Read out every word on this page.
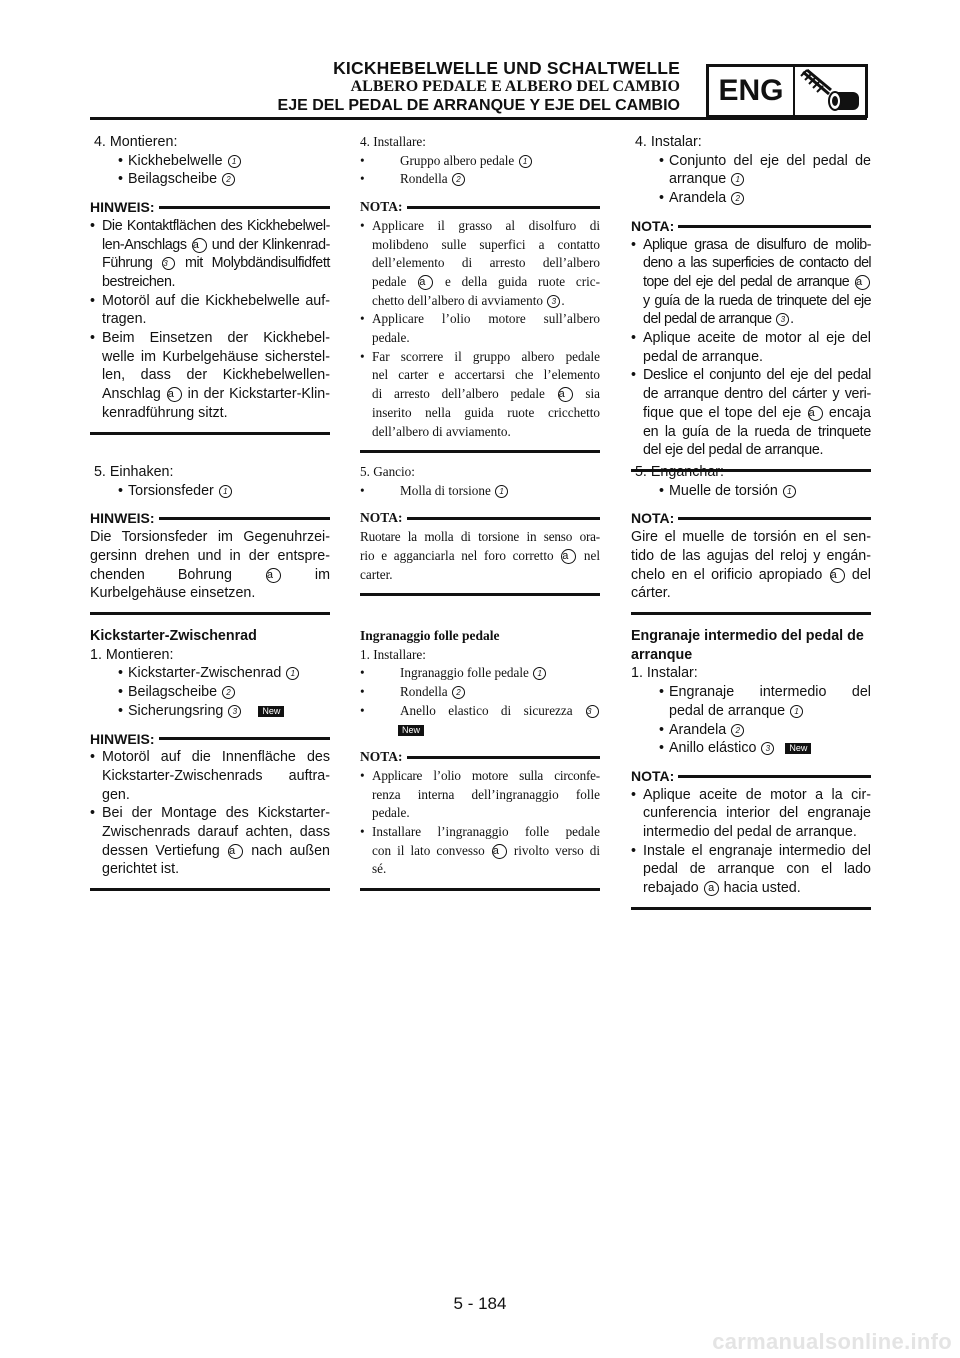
KICKHEBELWELLE UND SCHALTWELLE
ALBERO PEDALE E ALBERO DEL CAMBIO
EJE DEL PEDAL DE ARRANQUE Y EJE DEL CAMBIO	ENG
4. Montieren:
• Kickhebelwelle 1
• Beilagscheibe 2
HINWEIS:
• Die Kontaktflächen des Kickhebelwel-
len-Anschlags a und der Klinkenrad-
Führung 3 mit Molybdändisulfidfett
bestreichen.
• Motoröl auf die Kickhebelwelle auf-
tragen.
• Beim Einsetzen der Kickhebel-
welle im Kurbelgehäuse sicherstel-
len, dass der Kickhebelwellen-
Anschlag a in der Kickstarter-Klin-
kenradführung sitzt.
5. Einhaken:
• Torsionsfeder 1
HINWEIS:
Die Torsionsfeder im Gegenuhrzei-
gersinn drehen und in der entspre-
chenden Bohrung	a	im
Kurbelgehäuse einsetzen.
Kickstarter-Zwischenrad
1. Montieren:
• Kickstarter-Zwischenrad 1
• Beilagscheibe 2
• Sicherungsring 3	New
HINWEIS:
• Motoröl auf die Innenfläche des
Kickstarter-Zwischenrads auftra-
gen.
• Bei der Montage des Kickstarter-
Zwischenrads darauf achten, dass
dessen Vertiefung a nach außen
gerichtet ist.
4. Installare:
• Gruppo albero pedale 1
• Rondella 2
NOTA:
• Applicare il grasso al disolfuro di
molibdeno sulle superfici a contatto
dell’elemento di arresto dell’albero
pedale a e della guida ruote cric-
chetto dell’albero di avviamento 3 .
• Applicare l’olio motore sull’albero
pedale.
• Far scorrere il gruppo albero pedale
nel carter e accertarsi che l’elemento
di arresto dell’albero pedale a sia
inserito nella guida ruote cricchetto
dell’albero di avviamento.
5. Gancio:
• Molla di torsione 1
NOTA:
Ruotare la molla di torsione in senso ora-
rio e agganciarla nel foro corretto a nel
carter.
Ingranaggio folle pedale
1. Installare:
• Ingranaggio folle pedale 1
• Rondella 2
• Anello elastico di sicurezza 3
New
NOTA:
• Applicare l’olio motore sulla circonfe-
renza interna dell’ingranaggio folle
pedale.
• Installare l’ingranaggio folle pedale
con il lato convesso a rivolto verso di
sé.
4. Instalar:
• Conjunto del eje del pedal de
arranque 1
• Arandela 2
NOTA:
• Aplique grasa de disulfuro de molib-
deno a las superficies de contacto del
tope del eje del pedal de arranque a
y guía de la rueda de trinquete del eje
del pedal de arranque 3 .
• Aplique aceite de motor al eje del
pedal de arranque.
• Deslice el conjunto del eje del pedal
de arranque dentro del cárter y veri-
fique que el tope del eje a encaja
en la guía de la rueda de trinquete
del eje del pedal de arranque.
5. Enganchar:
• Muelle de torsión 1
NOTA:
Gire el muelle de torsión en el sen-
tido de las agujas del reloj y engán-
chelo en el orificio apropiado a del
cárter.
Engranaje intermedio del pedal de
arranque
1. Instalar:
• Engranaje intermedio del
pedal de arranque 1
• Arandela 2
• Anillo elástico 3 New
NOTA:
• Aplique aceite de motor a la cir-
cunferencia interior del engranaje
intermedio del pedal de arranque.
• Instale el engranaje intermedio del
pedal de arranque con el lado
rebajado a hacia usted.
5 - 184
carmanualsonline.info
